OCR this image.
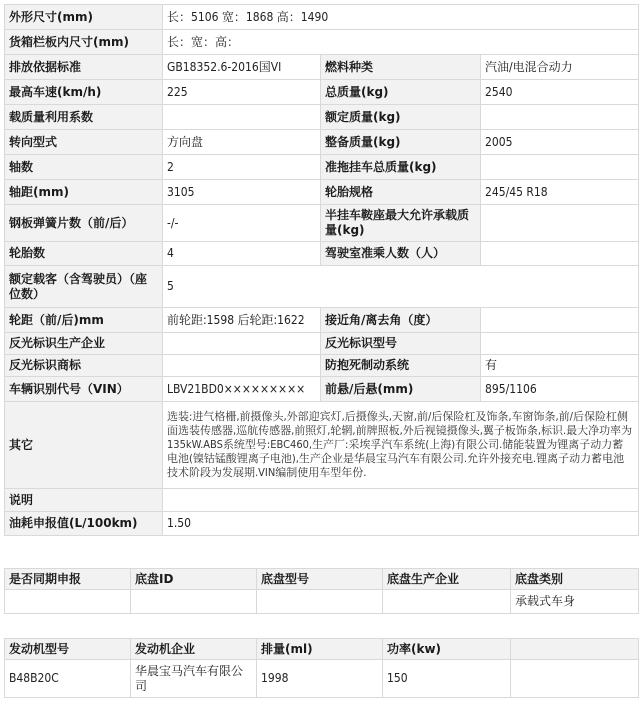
外形尺寸(mm)	长：5106 宽：1868 高：1490		
货箱栏板内尺寸(mm)	长：宽：高：		
排放依据标准	GB18352.6-2016国VI	燃料种类	汽油/电混合动力
最高车速(km/h)	225	总质量(kg)	2540
载质量利用系数		额定质量(kg)	
转向型式	方向盘	整备质量(kg)	2005
轴数	2	准拖挂车总质量(kg)	
轴距(mm)	3105	轮胎规格	245/45 R18
钢板弹簧片数（前/后）	-/-	半挂车鞍座最大允许承载质量(kg)	
轮胎数	4	驾驶室准乘人数（人）	
额定载客（含驾驶员）（座位数）	5		
轮距（前/后)mm	前轮距:1598 后轮距:1622	接近角/离去角（度）	
反光标识生产企业		反光标识型号	
反光标识商标		防抱死制动系统	有
车辆识别代号（VIN）	LBV21BD0×××××××××	前悬/后悬(mm)	895/1106
其它	选装:进气格栅,前摄像头,外部迎宾灯,后摄像头,天窗,前/后保险杠及饰条,车窗饰条,前/后保险杠侧面选装传感器,巡航传感器,前照灯,轮辋,前牌照板,外后视镜摄像头,翼子板饰条,标识.最大净功率为135kW.ABS系统型号:EBC460,生产厂:采埃孚汽车系统(上海)有限公司.储能装置为锂离子动力蓄电池(镍钴锰酸锂离子电池),生产企业是华晨宝马汽车有限公司.允许外接充电.锂离子动力蓄电池技术阶段为发展期.VIN编制使用车型年份.		
说明			
油耗申报值(L/100km)	1.50		
是否同期申报	底盘ID	底盘型号	底盘生产企业	底盘类别
				承载式车身
发动机型号	发动机企业	排量(ml)	功率(kw)	
B48B20C	华晨宝马汽车有限公司	1998	150	
